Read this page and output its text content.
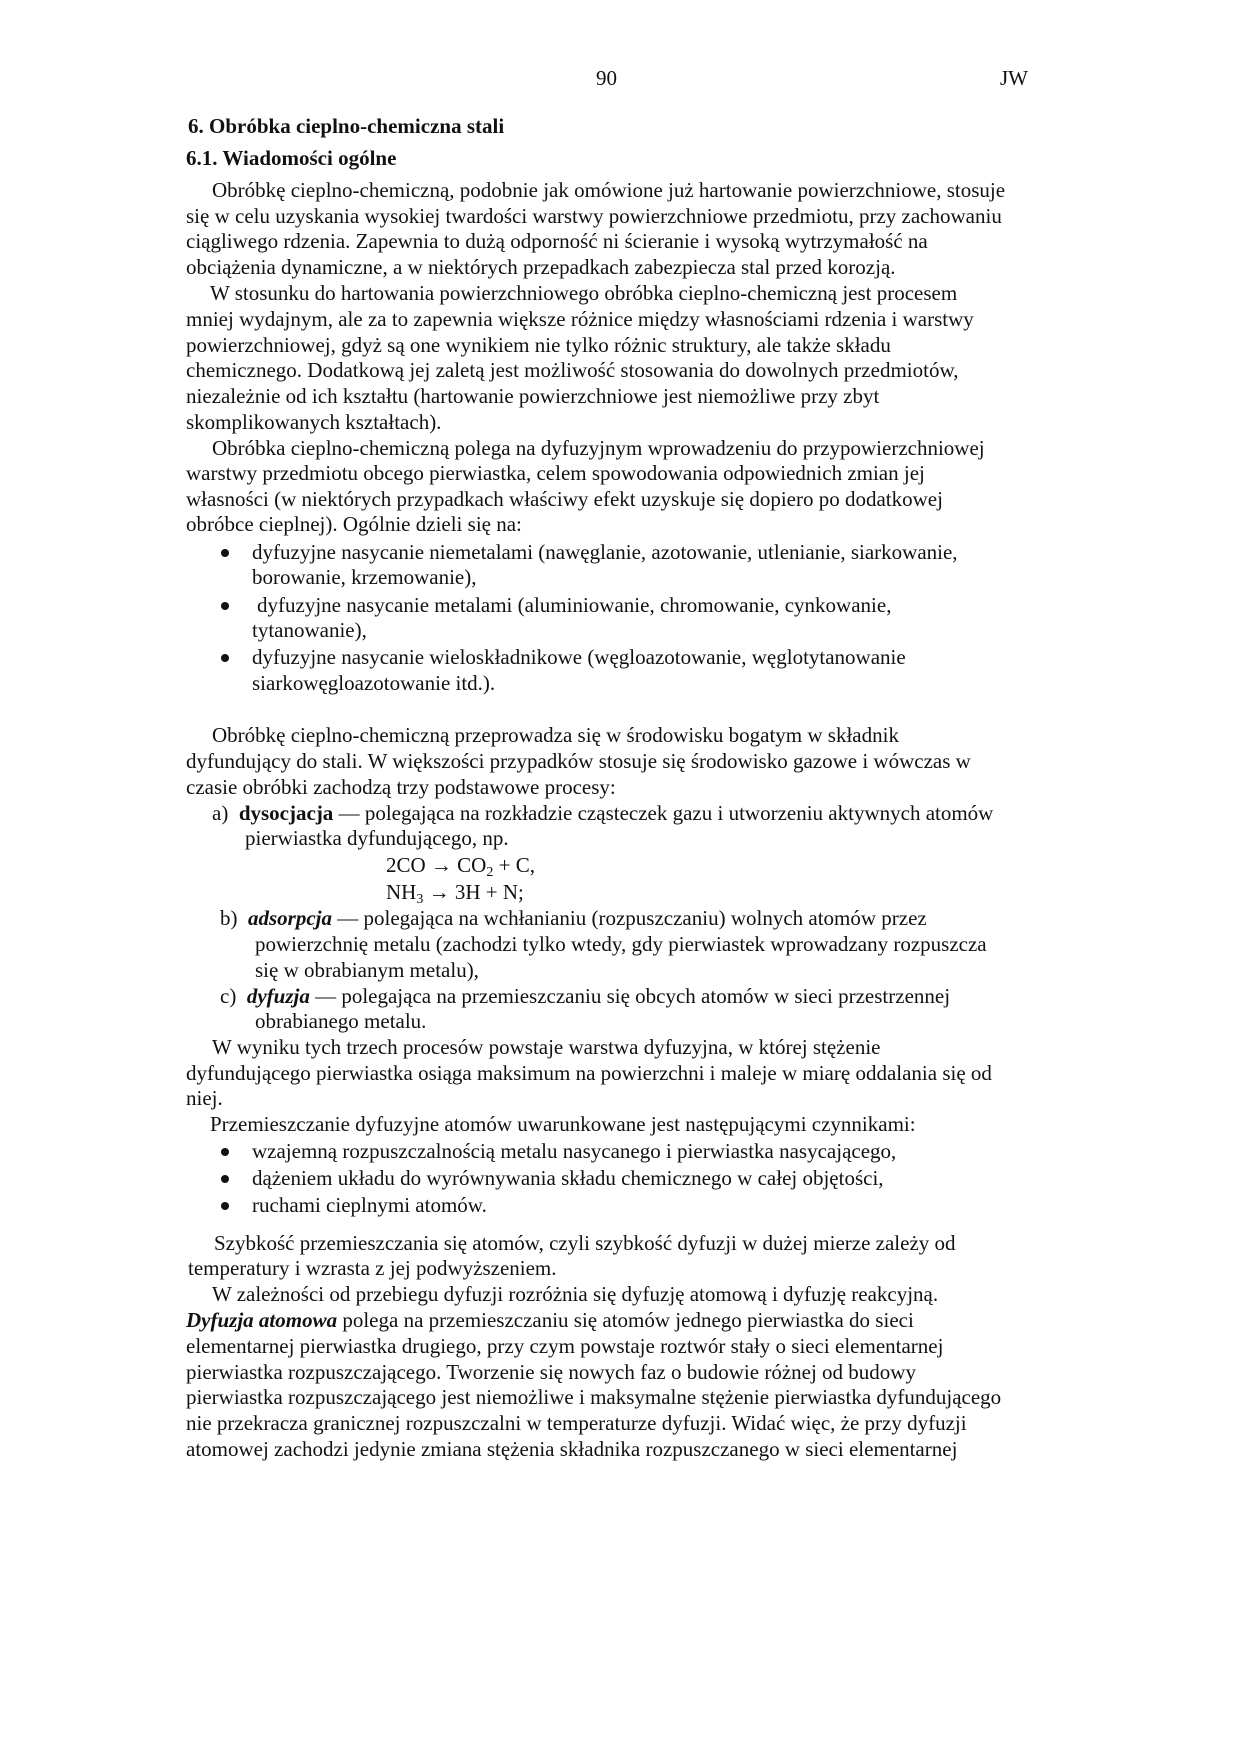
90	JW
6. Obróbka cieplno-chemiczna stali
6.1. Wiadomości ogólne
Obróbkę cieplno-chemiczną, podobnie jak omówione już hartowanie powierzchniowe, stosuje
się w celu uzyskania wysokiej twardości warstwy powierzchniowe przedmiotu, przy zachowaniu
ciągliwego rdzenia. Zapewnia to dużą odporność ni ścieranie i wysoką wytrzymałość na
obciążenia dynamiczne, a w niektórych przepadkach zabezpiecza stal przed korozją.
W stosunku do hartowania powierzchniowego obróbka cieplno-chemiczną jest procesem
mniej wydajnym, ale za to zapewnia większe różnice między własnościami rdzenia i warstwy
powierzchniowej, gdyż są one wynikiem nie tylko różnic struktury, ale także składu
chemicznego. Dodatkową jej zaletą jest możliwość stosowania do dowolnych przedmiotów,
niezależnie od ich kształtu (hartowanie powierzchniowe jest niemożliwe przy zbyt
skomplikowanych kształtach).
Obróbka cieplno-chemiczną polega na dyfuzyjnym wprowadzeniu do przypowierzchniowej
warstwy przedmiotu obcego pierwiastka, celem spowodowania odpowiednich zmian jej
własności (w niektórych przypadkach właściwy efekt uzyskuje się dopiero po dodatkowej
obróbce cieplnej). Ogólnie dzieli się na:
dyfuzyjne nasycanie niemetalami (nawęglanie, azotowanie, utlenianie, siarkowanie,
borowanie, krzemowanie),
dyfuzyjne nasycanie metalami (aluminiowanie, chromowanie, cynkowanie,
tytanowanie),
dyfuzyjne nasycanie wieloskładnikowe (węgloazotowanie, węglotytanowanie
siarkowęgloazotowanie itd.).
Obróbkę cieplno-chemiczną przeprowadza się w środowisku bogatym w składnik
dyfundujący do stali. W większości przypadków stosuje się środowisko gazowe i wówczas w
czasie obróbki zachodzą trzy podstawowe procesy:
a) dysocjacja — polegająca na rozkładzie cząsteczek gazu i utworzeniu aktywnych atomów
pierwiastka dyfundującego, np.
$2CO \to CO_2 + C$,
$NH_3 \to 3H + N$;
b) adsorpcja — polegająca na wchłanianiu (rozpuszczaniu) wolnych atomów przez
powierzchnię metalu (zachodzi tylko wtedy, gdy pierwiastek wprowadzany rozpuszcza
się w obrabianym metalu),
c) dyfuzja — polegająca na przemieszczaniu się obcych atomów w sieci przestrzennej
obrabianego metalu.
W wyniku tych trzech procesów powstaje warstwa dyfuzyjna, w której stężenie
dyfundującego pierwiastka osiąga maksimum na powierzchni i maleje w miarę oddalania się od
niej.
Przemieszczanie dyfuzyjne atomów uwarunkowane jest następującymi czynnikami:
wzajemną rozpuszczalnością metalu nasycanego i pierwiastka nasycającego,
dążeniem układu do wyrównywania składu chemicznego w całej objętości,
ruchami cieplnymi atomów.
Szybkość przemieszczania się atomów, czyli szybkość dyfuzji w dużej mierze zależy od
temperatury i wzrasta z jej podwyższeniem.
W zależności od przebiegu dyfuzji rozróżnia się dyfuzję atomową i dyfuzję reakcyjną.
Dyfuzja atomowa polega na przemieszczaniu się atomów jednego pierwiastka do sieci
elementarnej pierwiastka drugiego, przy czym powstaje roztwór stały o sieci elementarnej
pierwiastka rozpuszczającego. Tworzenie się nowych faz o budowie różnej od budowy
pierwiastka rozpuszczającego jest niemożliwe i maksymalne stężenie pierwiastka dyfundującego
nie przekracza granicznej rozpuszczalni w temperaturze dyfuzji. Widać więc, że przy dyfuzji
atomowej zachodzi jedynie zmiana stężenia składnika rozpuszczanego w sieci elementarnej
